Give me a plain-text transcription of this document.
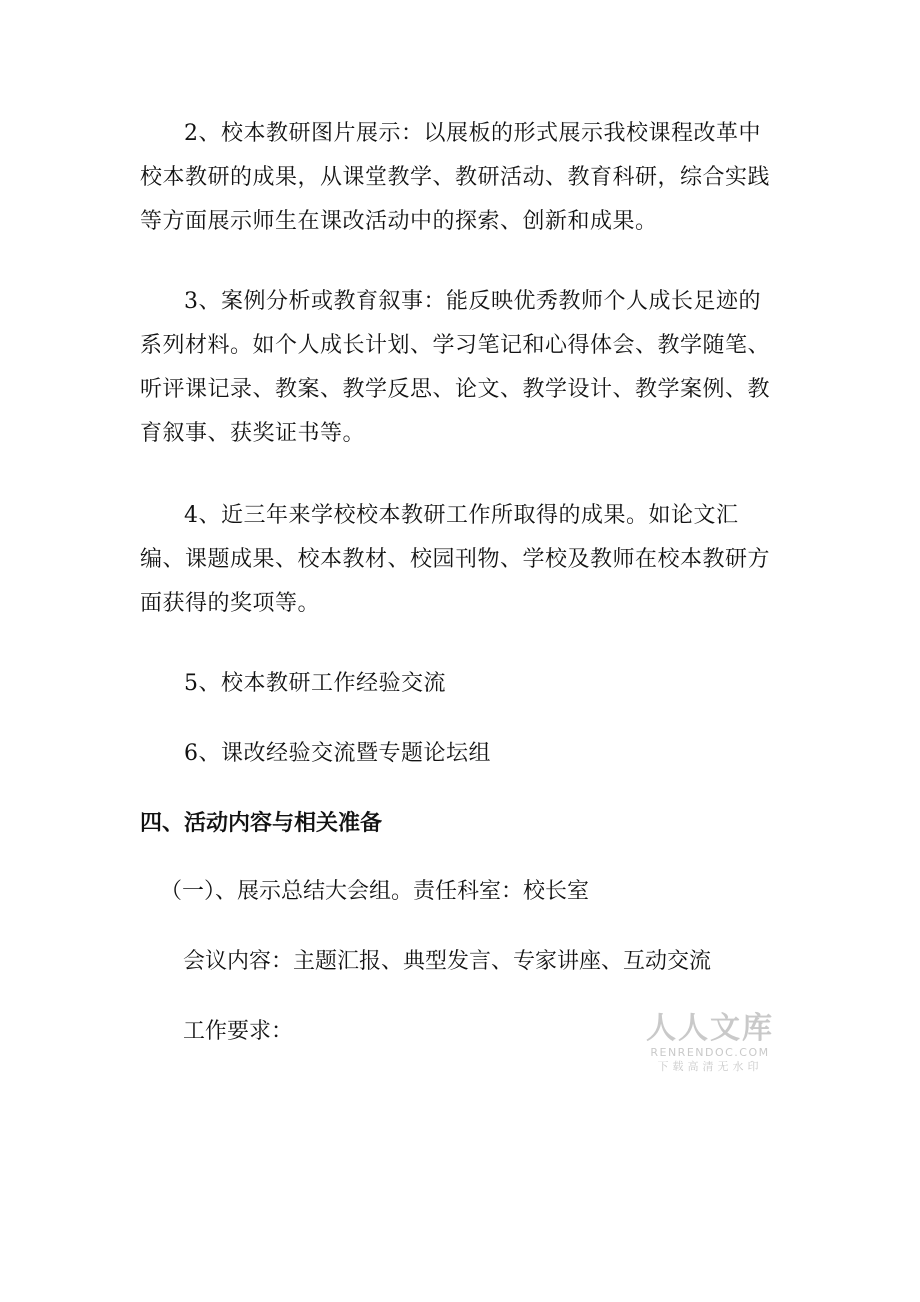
2、校本教研图片展示：以展板的形式展示我校课程改革中校本教研的成果，从课堂教学、教研活动、教育科研，综合实践等方面展示师生在课改活动中的探索、创新和成果。

3、案例分析或教育叙事：能反映优秀教师个人成长足迹的系列材料。如个人成长计划、学习笔记和心得体会、教学随笔、听评课记录、教案、教学反思、论文、教学设计、教学案例、教育叙事、获奖证书等。

4、近三年来学校校本教研工作所取得的成果。如论文汇编、课题成果、校本教材、校园刊物、学校及教师在校本教研方面获得的奖项等。

5、校本教研工作经验交流

6、课改经验交流暨专题论坛组

四、活动内容与相关准备

（一）、展示总结大会组。责任科室：校长室

会议内容：主题汇报、典型发言、专家讲座、互动交流

工作要求：	人人文库
RENRENDOC.COM
下载高清无水印
